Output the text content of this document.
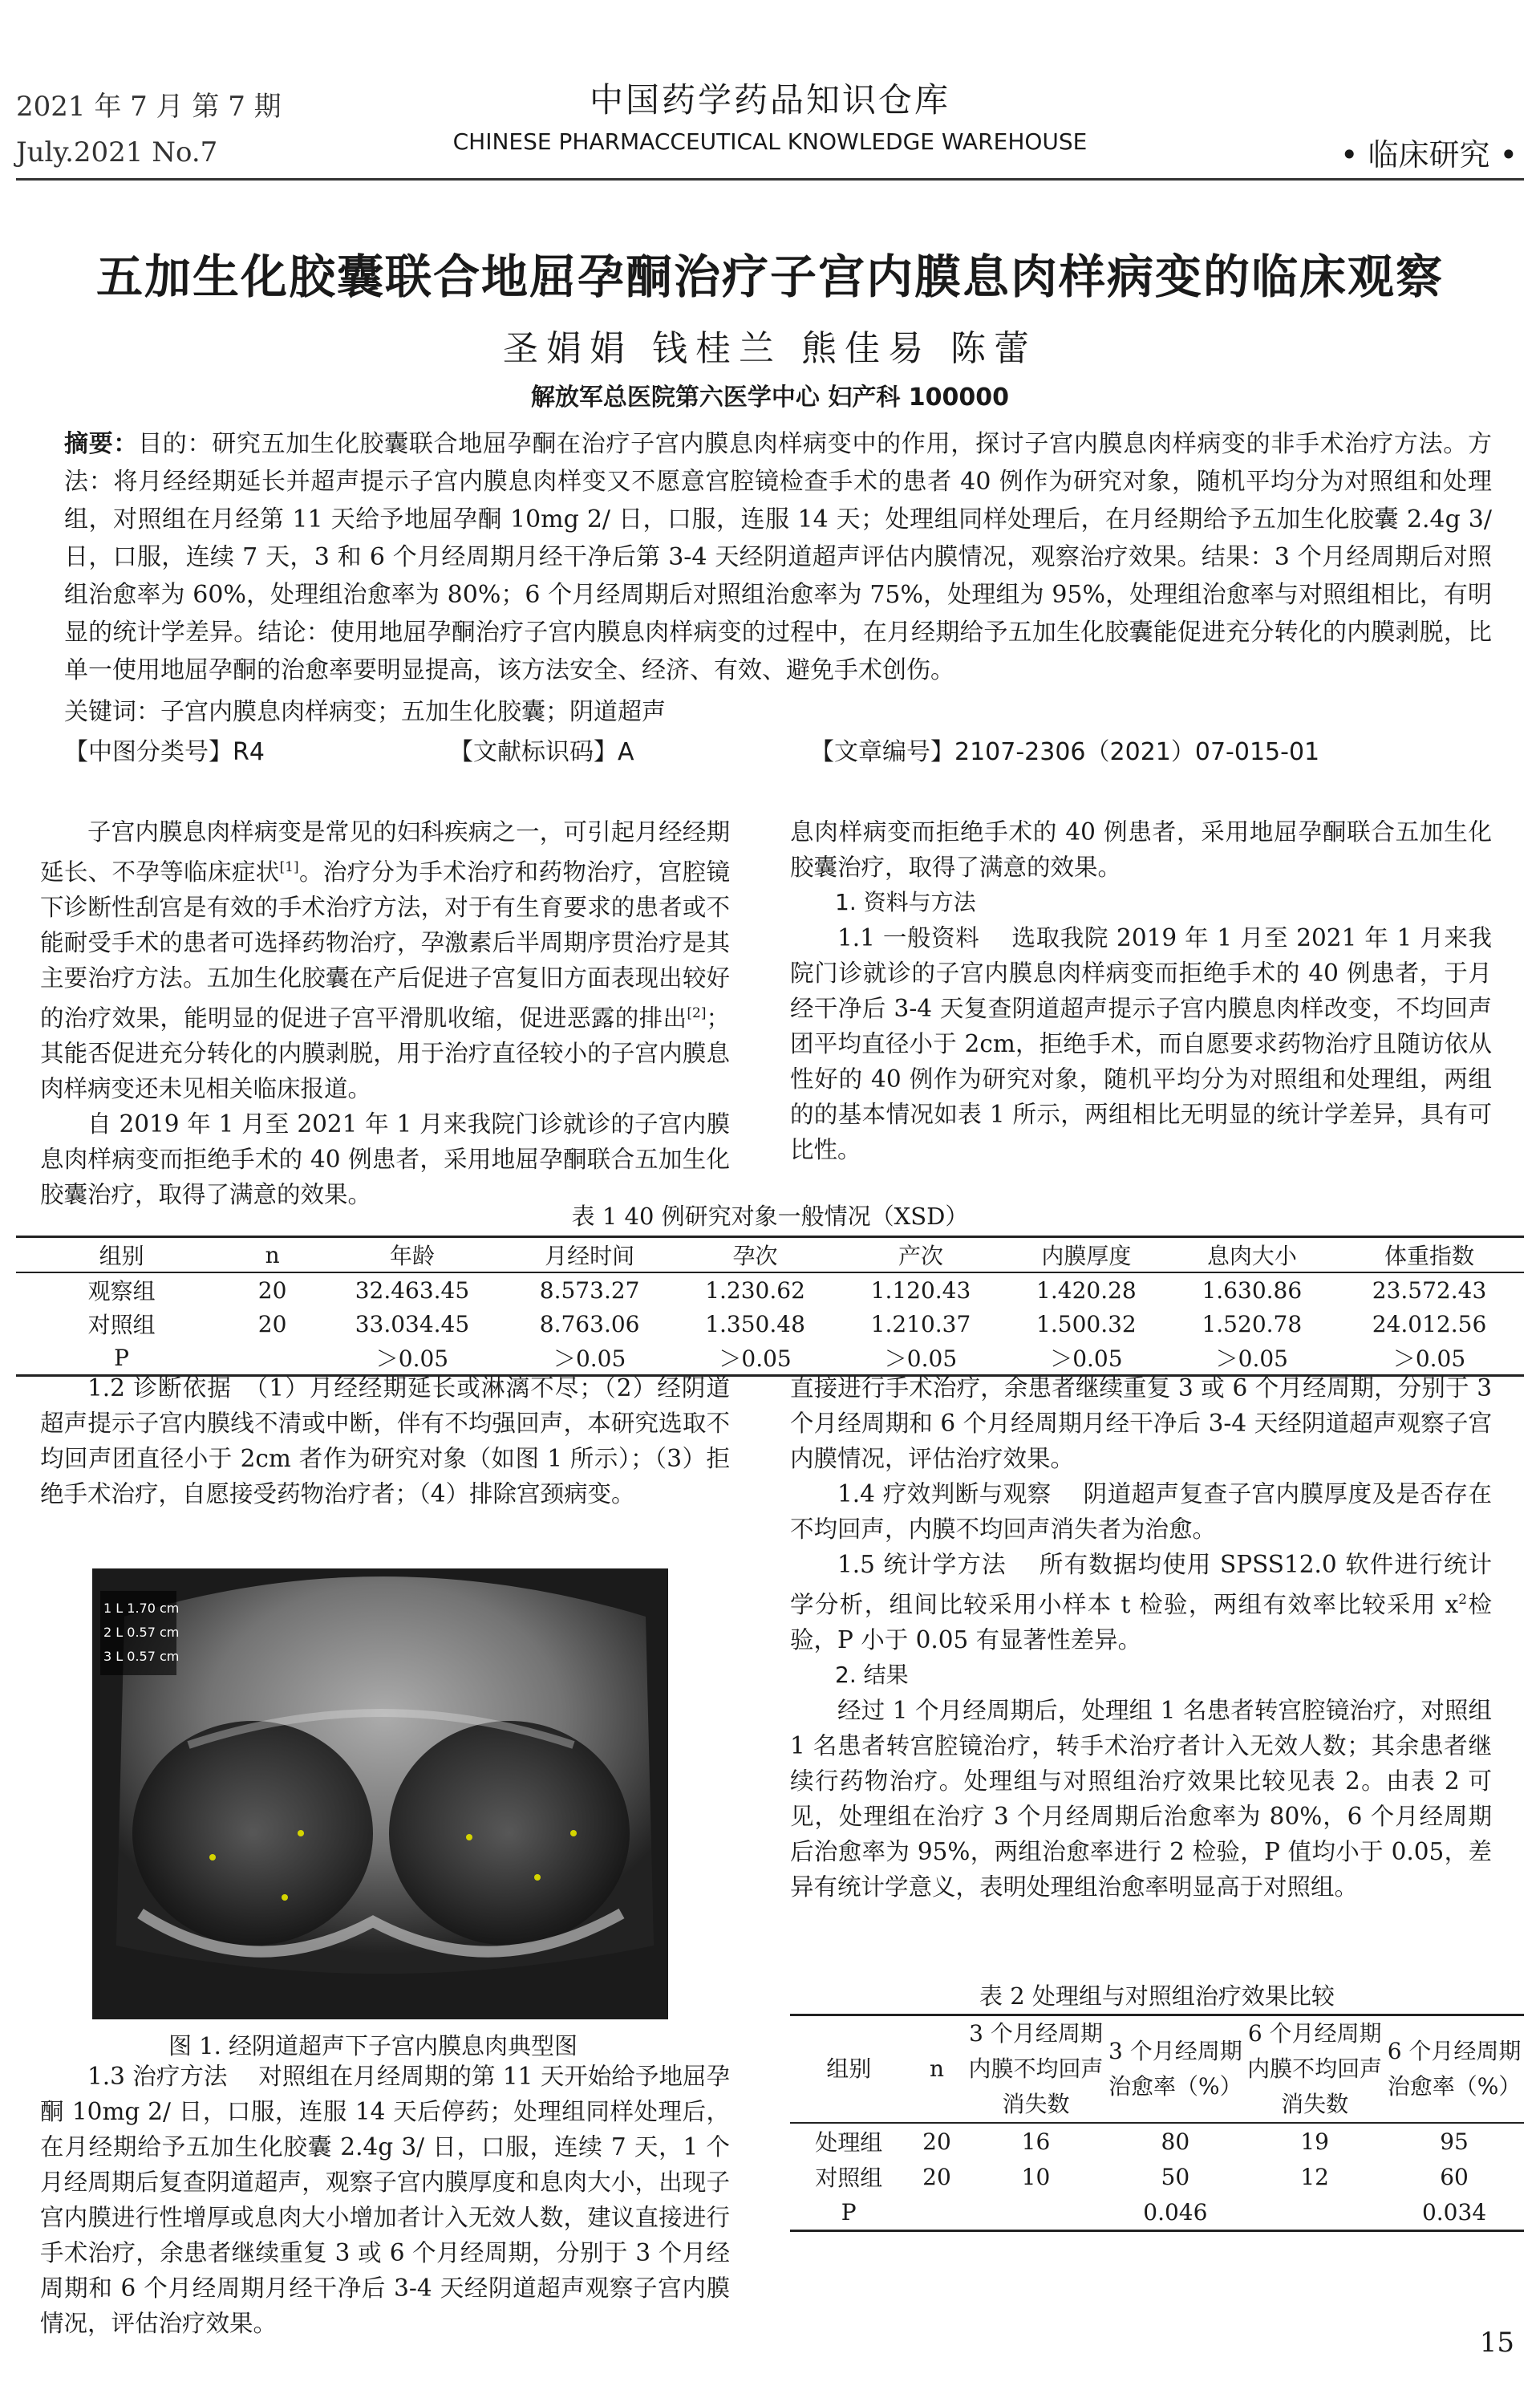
2021 年 7 月 第 7 期
July.2021 No.7
中国药学药品知识仓库
CHINESE PHARMACCEUTICAL KNOWLEDGE WAREHOUSE	• 临床研究 •
五加生化胶囊联合地屈孕酮治疗子宫内膜息肉样病变的临床观察
圣娟娟 钱桂兰 熊佳易 陈蕾
解放军总医院第六医学中心 妇产科 100000
摘要：目的：研究五加生化胶囊联合地屈孕酮在治疗子宫内膜息肉样病变中的作用，探讨子宫内膜息肉样病变的非手术治疗方法。方法：将月经经期延长并超声提示子宫内膜息肉样变又不愿意宫腔镜检查手术的患者 40 例作为研究对象，随机平均分为对照组和处理组，对照组在月经第 11 天给予地屈孕酮 10mg 2/ 日，口服，连服 14 天；处理组同样处理后，在月经期给予五加生化胶囊 2.4g 3/ 日，口服，连续 7 天，3 和 6 个月经周期月经干净后第 3-4 天经阴道超声评估内膜情况，观察治疗效果。结果：3 个月经周期后对照组治愈率为 60%，处理组治愈率为 80%；6 个月经周期后对照组治愈率为 75%，处理组为 95%，处理组治愈率与对照组相比，有明显的统计学差异。结论：使用地屈孕酮治疗子宫内膜息肉样病变的过程中，在月经期给予五加生化胶囊能促进充分转化的内膜剥脱，比单一使用地屈孕酮的治愈率要明显提高，该方法安全、经济、有效、避免手术创伤。
关键词：子宫内膜息肉样病变；五加生化胶囊；阴道超声
【中图分类号】R4	【文献标识码】A	【文章编号】2107-2306（2021）07-015-01

子宫内膜息肉样病变是常见的妇科疾病之一，可引起月经经期延长、不孕等临床症状[1]。治疗分为手术治疗和药物治疗，宫腔镜下诊断性刮宫是有效的手术治疗方法，对于有生育要求的患者或不能耐受手术的患者可选择药物治疗，孕激素后半周期序贯治疗是其主要治疗方法。五加生化胶囊在产后促进子宫复旧方面表现出较好的治疗效果，能明显的促进子宫平滑肌收缩，促进恶露的排出[2]；其能否促进充分转化的内膜剥脱，用于治疗直径较小的子宫内膜息肉样病变还未见相关临床报道。

自 2019 年 1 月至 2021 年 1 月来我院门诊就诊的子宫内膜息肉样病变而拒绝手术的 40 例患者，采用地屈孕酮联合五加生化胶囊治疗，取得了满意的效果。

息肉样病变而拒绝手术的 40 例患者，采用地屈孕酮联合五加生化胶囊治疗，取得了满意的效果。

1. 资料与方法

1.1 一般资料　 选取我院 2019 年 1 月至 2021 年 1 月来我院门诊就诊的子宫内膜息肉样病变而拒绝手术的 40 例患者，于月经干净后 3-4 天复查阴道超声提示子宫内膜息肉样改变，不均回声团平均直径小于 2cm，拒绝手术，而自愿要求药物治疗且随访依从性好的 40 例作为研究对象，随机平均分为对照组和处理组，两组的的基本情况如表 1 所示，两组相比无明显的统计学差异，具有可比性。

表 1 40 例研究对象一般情况（XSD）
组别	n	年龄	月经时间	孕次	产次	内膜厚度	息肉大小	体重指数
观察组	20	32.463.45	8.573.27	1.230.62	1.120.43	1.420.28	1.630.86	23.572.43
对照组	20	33.034.45	8.763.06	1.350.48	1.210.37	1.500.32	1.520.78	24.012.56
P		＞0.05	＞0.05	＞0.05	＞0.05	＞0.05	＞0.05	＞0.05

1.2 诊断依据　（1）月经经期延长或淋漓不尽；（2）经阴道超声提示子宫内膜线不清或中断，伴有不均强回声，本研究选取不均回声团直径小于 2cm 者作为研究对象（如图 1 所示）；（3）拒绝手术治疗，自愿接受药物治疗者；（4）排除宫颈病变。

1 L 1.70 cm
2 L 0.57 cm
3 L 0.57 cm
图 1. 经阴道超声下子宫内膜息肉典型图

1.3 治疗方法　 对照组在月经周期的第 11 天开始给予地屈孕酮 10mg 2/ 日，口服，连服 14 天后停药；处理组同样处理后，在月经期给予五加生化胶囊 2.4g 3/ 日，口服，连续 7 天，1 个月经周期后复查阴道超声，观察子宫内膜厚度和息肉大小，出现子宫内膜进行性增厚或息肉大小增加者计入无效人数，建议直接进行手术治疗，余患者继续重复 3 或 6 个月经周期，分别于 3 个月经周期和 6 个月经周期月经干净后 3-4 天经阴道超声观察子宫内膜情况，评估治疗效果。

直接进行手术治疗，余患者继续重复 3 或 6 个月经周期，分别于 3 个月经周期和 6 个月经周期月经干净后 3-4 天经阴道超声观察子宫内膜情况，评估治疗效果。

1.4 疗效判断与观察　 阴道超声复查子宫内膜厚度及是否存在不均回声，内膜不均回声消失者为治愈。

1.5 统计学方法　 所有数据均使用 SPSS12.0 软件进行统计学分析，组间比较采用小样本 t 检验，两组有效率比较采用 $x^2$检验，P 小于 0.05 有显著性差异。

2. 结果

经过 1 个月经周期后，处理组 1 名患者转宫腔镜治疗，对照组 1 名患者转宫腔镜治疗，转手术治疗者计入无效人数；其余患者继续行药物治疗。处理组与对照组治疗效果比较见表 2。由表 2 可见，处理组在治疗 3 个月经周期后治愈率为 80%，6 个月经周期后治愈率为 95%，两组治愈率进行 2 检验，P 值均小于 0.05，差异有统计学意义，表明处理组治愈率明显高于对照组。

表 2 处理组与对照组治疗效果比较
组别	n	3 个月经周期内膜不均回声消失数	3 个月经周期治愈率（%）	6 个月经周期内膜不均回声消失数	6 个月经周期治愈率（%）
处理组	20	16	80	19	95
对照组	20	10	50	12	60
P			0.046		0.034
15
